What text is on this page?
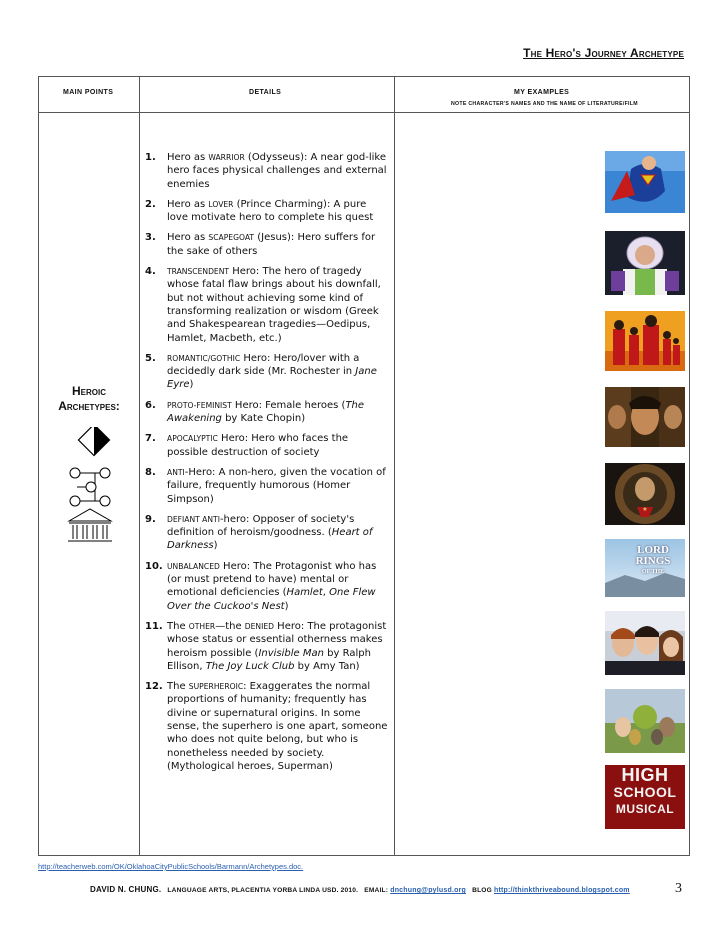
The Hero's Journey Archetype
MAIN POINTS	DETAILS	MY EXAMPLES
NOTE CHARACTER'S NAMES AND THE NAME OF LITERATURE/FILM
Heroic
Archetypes:
1. Hero as WARRIOR (Odysseus): A near god-like hero faces physical challenges and external enemies
2. Hero as LOVER (Prince Charming): A pure love motivate hero to complete his quest
3. Hero as SCAPEGOAT (Jesus): Hero suffers for the sake of others
4. TRANSCENDENT Hero: The hero of tragedy whose fatal flaw brings about his downfall, but not without achieving some kind of transforming realization or wisdom (Greek and Shakespearean tragedies—Oedipus, Hamlet, Macbeth, etc.)
5. ROMANTIC/GOTHIC Hero: Hero/lover with a decidedly dark side (Mr. Rochester in Jane Eyre)
6. PROTO-FEMINIST Hero: Female heroes (The Awakening by Kate Chopin)
7. APOCALYPTIC Hero: Hero who faces the possible destruction of society
8. ANTI-Hero: A non-hero, given the vocation of failure, frequently humorous (Homer Simpson)
9. DEFIANT ANTI-hero: Opposer of society's definition of heroism/goodness. (Heart of Darkness)
10. UNBALANCED Hero: The Protagonist who has (or must pretend to have) mental or emotional deficiencies (Hamlet, One Flew Over the Cuckoo's Nest)
11. The OTHER—the DENIED Hero: The protagonist whose status or essential otherness makes heroism possible (Invisible Man by Ralph Ellison, The Joy Luck Club by Amy Tan)
12. The SUPERHEROIC: Exaggerates the normal proportions of humanity; frequently has divine or supernatural origins. In some sense, the superhero is one apart, someone who does not quite belong, but who is nonetheless needed by society. (Mythological heroes, Superman)
★
LORD RINGS
OF THE
HIGH
SCHOOL
MUSICAL
http://teacherweb.com/OK/OklahoaCityPublicSchools/Barmann/Archetypes.doc.
DAVID N. CHUNG. LANGUAGE ARTS, PLACENTIA YORBA LINDA USD. 2010. EMAIL: dnchung@pylusd.org BLOG http://thinkthriveabound.blogspot.com	3
